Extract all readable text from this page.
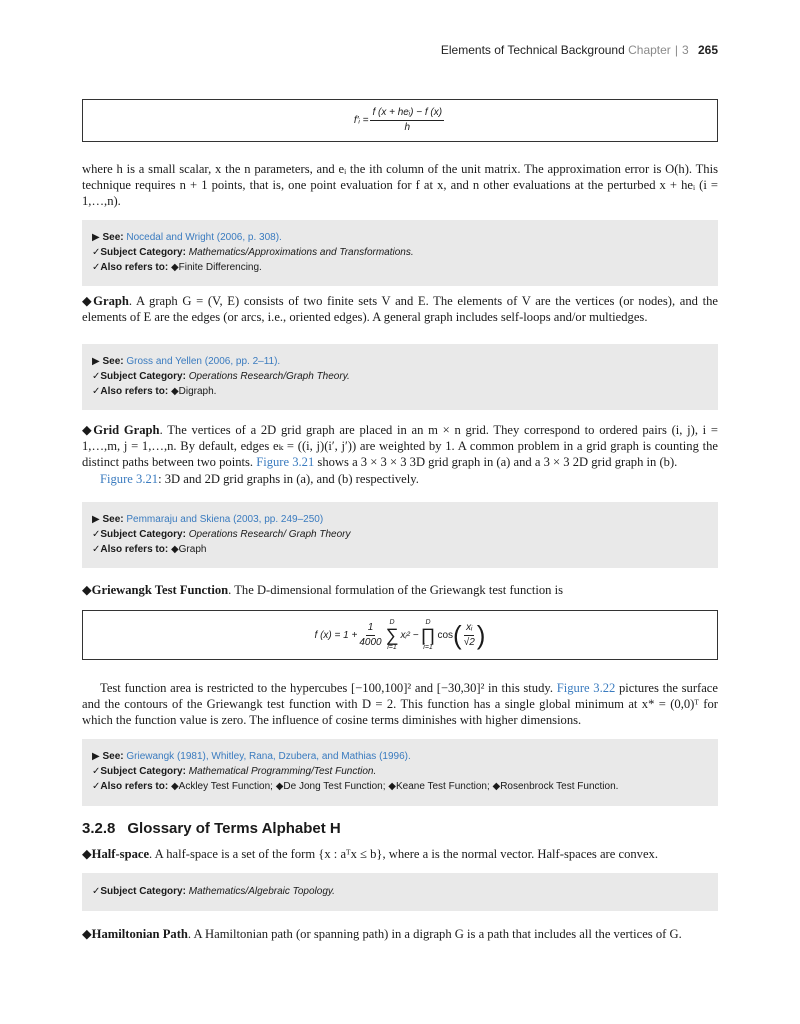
Elements of Technical Background Chapter | 3 265
f′ᵢ = $\frac{\text{f (x + heᵢ) − f (x)}}{h}$

where h is a small scalar, x the n parameters, and eᵢ the ith column of the unit matrix. The approximation error is O(h). This technique requires n + 1 points, that is, one point evaluation for f at x, and n other evaluations at the perturbed x + heᵢ (i = 1,…,n).

▶ See: Nocedal and Wright (2006, p. 308).
✓Subject Category: Mathematics/Approximations and Transformations.
✓Also refers to: ◆Finite Differencing.

◆Graph. A graph G = (V, E) consists of two finite sets V and E. The elements of V are the vertices (or nodes), and the elements of E are the edges (or arcs, i.e., oriented edges). A general graph includes self-loops and/or multiedges.

▶ See: Gross and Yellen (2006, pp. 2–11).
✓Subject Category: Operations Research/Graph Theory.
✓Also refers to: ◆Digraph.

◆Grid Graph. The vertices of a 2D grid graph are placed in an m × n grid. They correspond to ordered pairs (i, j), i = 1,…,m, j = 1,…,n. By default, edges eₖ = ((i, j)(i′, j′)) are weighted by 1. A common problem in a grid graph is counting the distinct paths between two points. Figure 3.21 shows a 3 × 3 × 3 3D grid graph in (a) and a 3 × 3 2D grid graph in (b).

Figure 3.21: 3D and 2D grid graphs in (a), and (b) respectively.

▶ See: Pemmaraju and Skiena (2003, pp. 249–250)
✓Subject Category: Operations Research/ Graph Theory
✓Also refers to: ◆Graph

◆Griewangk Test Function. The D-dimensional formulation of the Griewangk test function is

f $(x) = 1 + \frac{1}{4000}$ D
∑
i=1
xᵢ² −
D
∏
i=1
cos ( $\frac{\text{xᵢ}}{√2}$ )

Test function area is restricted to the hypercubes [−100,100]² and [−30,30]² in this study. Figure 3.22 pictures the surface and the contours of the Griewangk test function with D = 2. This function has a single global minimum at x* = (0,0)ᵀ for which the function value is zero. The influence of cosine terms diminishes with higher dimensions.

▶ See: Griewangk (1981), Whitley, Rana, Dzubera, and Mathias (1996).
✓Subject Category: Mathematical Programming/Test Function.
✓Also refers to: ◆Ackley Test Function; ◆De Jong Test Function; ◆Keane Test Function; ◆Rosenbrock Test Function.
3.2.8 Glossary of Terms Alphabet H

◆Half-space. A half-space is a set of the form {x : aᵀx ≤ b}, where a is the normal vector. Half-spaces are convex.

✓Subject Category: Mathematics/Algebraic Topology.

◆Hamiltonian Path. A Hamiltonian path (or spanning path) in a digraph G is a path that includes all the vertices of G.
